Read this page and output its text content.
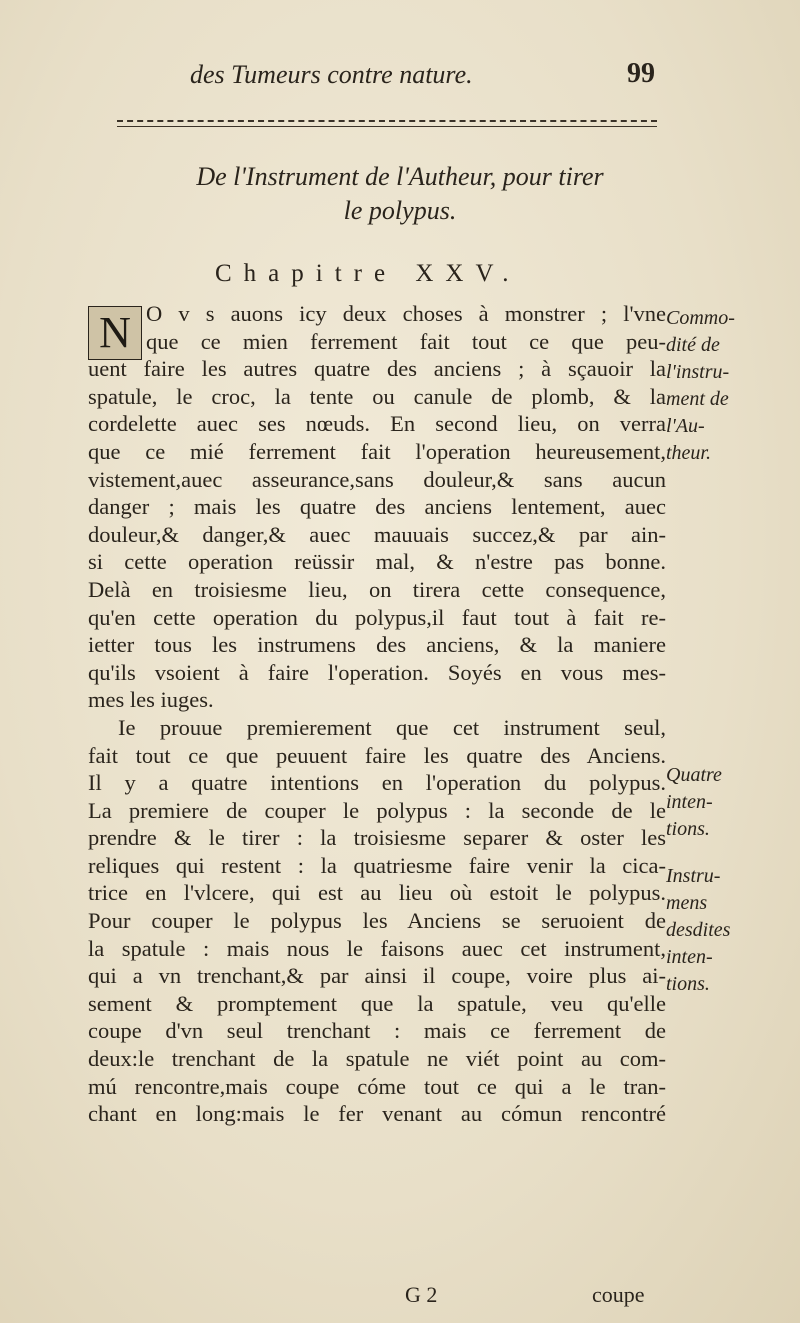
des Tumeurs contre nature.	99
De l'Instrument de l'Autheur, pour tirer
le polypus.
Chapitre XXV.
N O v s auons icy deux choses à monstrer ; l'vne
que ce mien ferrement fait tout ce que peu-
uent faire les autres quatre des anciens ; à sçauoir la
spatule, le croc, la tente ou canule de plomb, & la
cordelette auec ses nœuds. En second lieu, on verra
que ce mié ferrement fait l'operation heureusement,
vistement,auec asseurance,sans douleur,& sans aucun
danger ; mais les quatre des anciens lentement, auec
douleur,& danger,& auec mauuais succez,& par ain-
si cette operation reüssir mal, & n'estre pas bonne.
Delà en troisiesme lieu, on tirera cette consequence,
qu'en cette operation du polypus,il faut tout à fait re-
ietter tous les instrumens des anciens, & la maniere
qu'ils vsoient à faire l'operation. Soyés en vous mes-
mes les iuges.
Ie prouue premierement que cet instrument seul,
fait tout ce que peuuent faire les quatre des Anciens.
Il y a quatre intentions en l'operation du polypus.
La premiere de couper le polypus : la seconde de le
prendre & le tirer : la troisiesme separer & oster les
reliques qui restent : la quatriesme faire venir la cica-
trice en l'vlcere, qui est au lieu où estoit le polypus.
Pour couper le polypus les Anciens se seruoient de
la spatule : mais nous le faisons auec cet instrument,
qui a vn trenchant,& par ainsi il coupe, voire plus ai-
sement & promptement que la spatule, veu qu'elle
coupe d'vn seul trenchant : mais ce ferrement de
deux:le trenchant de la spatule ne viét point au com-
mú rencontre,mais coupe cóme tout ce qui a le tran-
chant en long:mais le fer venant au cómun rencontré
Commo-
dité de
l'instru-
ment de
l'Au-
theur.
Quatre
inten-
tions.
Instru-
mens
desdites
inten-
tions.
G 2	coupe
